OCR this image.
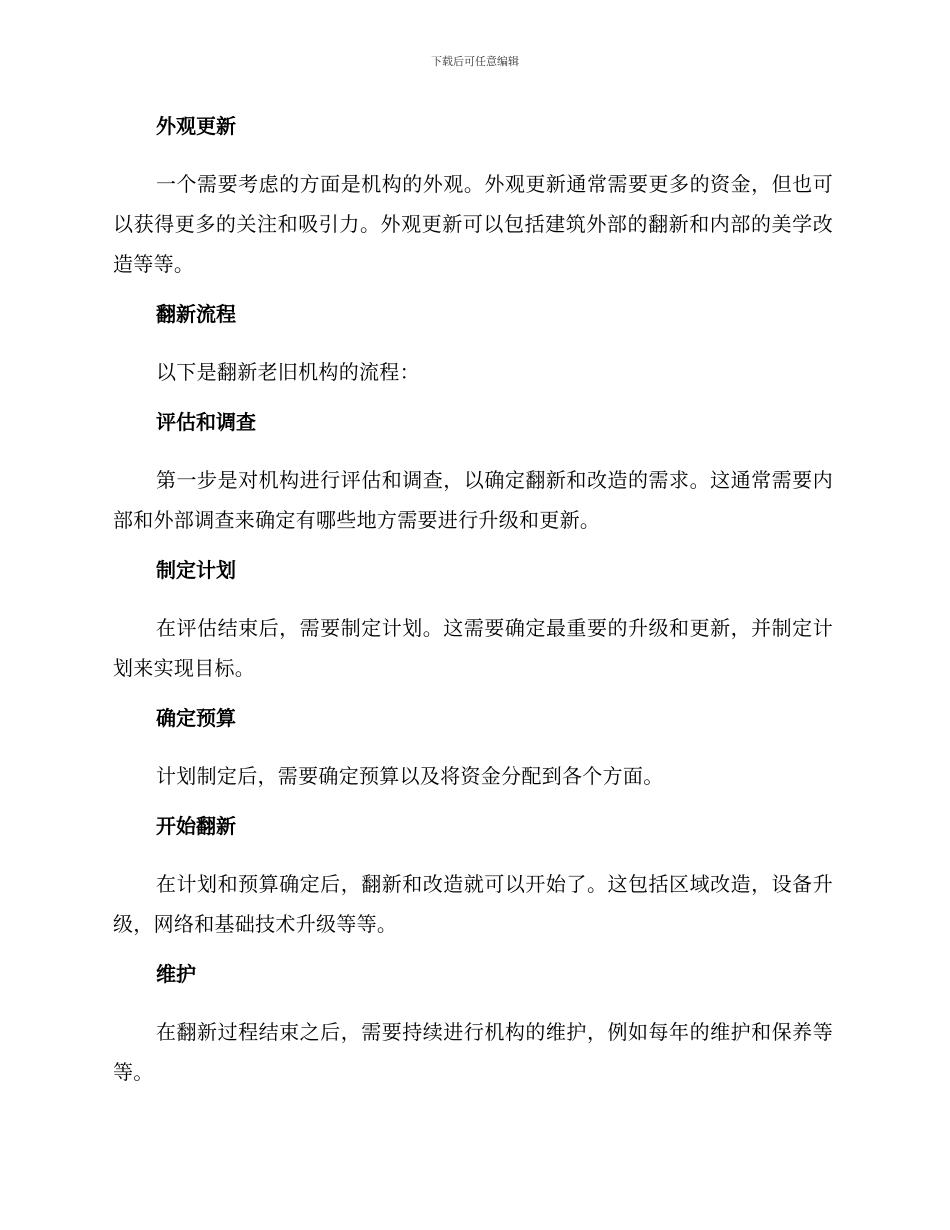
下载后可任意编辑
外观更新
一个需要考虑的方面是机构的外观。外观更新通常需要更多的资金，但也可以获得更多的关注和吸引力。外观更新可以包括建筑外部的翻新和内部的美学改造等等。
翻新流程
以下是翻新老旧机构的流程：
评估和调查
第一步是对机构进行评估和调查，以确定翻新和改造的需求。这通常需要内部和外部调查来确定有哪些地方需要进行升级和更新。
制定计划
在评估结束后，需要制定计划。这需要确定最重要的升级和更新，并制定计划来实现目标。
确定预算
计划制定后，需要确定预算以及将资金分配到各个方面。
开始翻新
在计划和预算确定后，翻新和改造就可以开始了。这包括区域改造，设备升级，网络和基础技术升级等等。
维护
在翻新过程结束之后，需要持续进行机构的维护，例如每年的维护和保养等等。
